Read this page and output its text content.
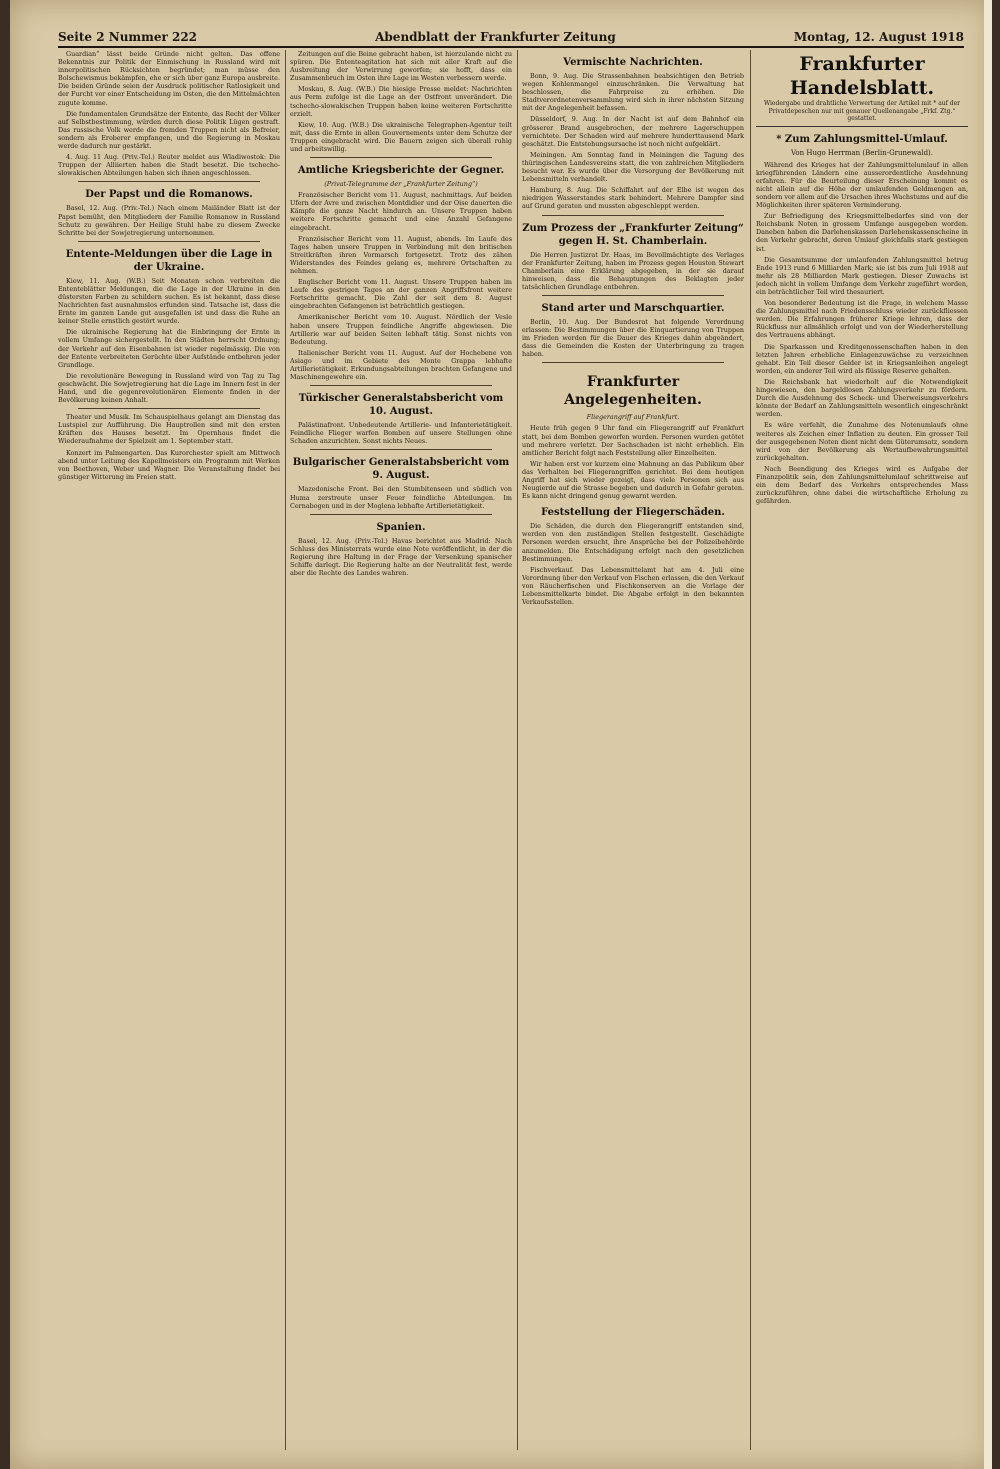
Seite 2 Nummer 222	Abendblatt der Frankfurter Zeitung	Montag, 12. August 1918

Guardian“ lässt beide Gründe nicht gelten. Das offene Bekenntnis zur Politik der Einmischung in Russland wird mit innerpolitischen Rücksichten begründet; man müsse den Bolschewismus bekämpfen, ehe er sich über ganz Europa ausbreite. Die beiden Gründe seien der Ausdruck politischer Ratlosigkeit und der Furcht vor einer Entscheidung im Osten, die den Mittelmächten zugute komme.

Die fundamentalen Grundsätze der Entente, das Recht der Völker auf Selbstbestimmung, würden durch diese Politik Lügen gestraft. Das russische Volk werde die fremden Truppen nicht als Befreier, sondern als Eroberer empfangen, und die Regierung in Moskau werde dadurch nur gestärkt.

4. Aug. 11 Aug. (Priv.-Tel.) Reuter meldet aus Wladiwostok: Die Truppen der Alliierten haben die Stadt besetzt. Die tschecho-slowakischen Abteilungen haben sich ihnen angeschlossen.

Der Papst und die Romanows.

Basel, 12. Aug. (Priv.-Tel.) Nach einem Mailänder Blatt ist der Papst bemüht, den Mitgliedern der Familie Romanow in Russland Schutz zu gewähren. Der Heilige Stuhl habe zu diesem Zwecke Schritte bei der Sowjetregierung unternommen.

Entente-Meldungen über die Lage in der Ukraine.

Kiew, 11. Aug. (W.B.) Seit Monaten schon verbreiten die Ententeblätter Meldungen, die die Lage in der Ukraine in den düstersten Farben zu schildern suchen. Es ist bekannt, dass diese Nachrichten fast ausnahmslos erfunden sind. Tatsache ist, dass die Ernte im ganzen Lande gut ausgefallen ist und dass die Ruhe an keiner Stelle ernstlich gestört wurde.

Die ukrainische Regierung hat die Einbringung der Ernte in vollem Umfange sichergestellt. In den Städten herrscht Ordnung; der Verkehr auf den Eisenbahnen ist wieder regelmässig. Die von der Entente verbreiteten Gerüchte über Aufstände entbehren jeder Grundlage.

Die revolutionäre Bewegung in Russland wird von Tag zu Tag geschwächt. Die Sowjetregierung hat die Lage im Innern fest in der Hand, und die gegenrevolutionären Elemente finden in der Bevölkerung keinen Anhalt.

Theater und Musik. Im Schauspielhaus gelangt am Dienstag das Lustspiel zur Aufführung. Die Hauptrollen sind mit den ersten Kräften des Hauses besetzt. Im Opernhaus findet die Wiederaufnahme der Spielzeit am 1. September statt.

Konzert im Palmengarten. Das Kurorchester spielt am Mittwoch abend unter Leitung des Kapellmeisters ein Programm mit Werken von Beethoven, Weber und Wagner. Die Veranstaltung findet bei günstiger Witterung im Freien statt.

Zeitungen auf die Beine gebracht haben, ist hierzulande nicht zu spüren. Die Ententeagitation hat sich mit aller Kraft auf die Ausbreitung der Verwirrung geworfen; sie hofft, dass ein Zusammenbruch im Osten ihre Lage im Westen verbessern werde.

Moskau, 8. Aug. (W.B.) Die hiesige Presse meldet: Nachrichten aus Perm zufolge ist die Lage an der Ostfront unverändert. Die tschecho-slowakischen Truppen haben keine weiteren Fortschritte erzielt.

Kiew, 10. Aug. (W.B.) Die ukrainische Telegraphen-Agentur teilt mit, dass die Ernte in allen Gouvernements unter dem Schutze der Truppen eingebracht wird. Die Bauern zeigen sich überall ruhig und arbeitswillig.

Amtliche Kriegsberichte der Gegner.
(Privat-Telegramme der „Frankfurter Zeitung“)

Französischer Bericht vom 11. August, nachmittags. Auf beiden Ufern der Avre und zwischen Montdidier und der Oise dauerten die Kämpfe die ganze Nacht hindurch an. Unsere Truppen haben weitere Fortschritte gemacht und eine Anzahl Gefangene eingebracht.

Französischer Bericht vom 11. August, abends. Im Laufe des Tages haben unsere Truppen in Verbindung mit den britischen Streitkräften ihren Vormarsch fortgesetzt. Trotz des zähen Widerstandes des Feindes gelang es, mehrere Ortschaften zu nehmen.

Englischer Bericht vom 11. August. Unsere Truppen haben im Laufe des gestrigen Tages an der ganzen Angriffsfront weitere Fortschritte gemacht. Die Zahl der seit dem 8. August eingebrachten Gefangenen ist beträchtlich gestiegen.

Amerikanischer Bericht vom 10. August. Nördlich der Vesle haben unsere Truppen feindliche Angriffe abgewiesen. Die Artillerie war auf beiden Seiten lebhaft tätig. Sonst nichts von Bedeutung.

Italienischer Bericht vom 11. August. Auf der Hochebene von Asiago und im Gebiete des Monte Grappa lebhafte Artillerietätigkeit. Erkundungsabteilungen brachten Gefangene und Maschinengewehre ein.

Türkischer Generalstabsbericht vom 10. August.

Palästinafront. Unbedeutende Artillerie- und Infanterietätigkeit. Feindliche Flieger warfen Bomben auf unsere Stellungen ohne Schaden anzurichten. Sonst nichts Neues.

Bulgarischer Generalstabsbericht vom 9. August.

Mazedonische Front. Bei den Stumbitenseen und südlich von Huma zerstreute unser Feuer feindliche Abteilungen. Im Cernabogen und in der Moglena lebhafte Artillerietätigkeit.

Spanien.

Basel, 12. Aug. (Priv.-Tel.) Havas berichtet aus Madrid: Nach Schluss des Ministerrats wurde eine Note veröffentlicht, in der die Regierung ihre Haltung in der Frage der Versenkung spanischer Schiffe darlegt. Die Regierung halte an der Neutralität fest, werde aber die Rechte des Landes wahren.

Vermischte Nachrichten.

Bonn, 9. Aug. Die Strassenbahnen beabsichtigen den Betrieb wegen Kohlenmangel einzuschränken. Die Verwaltung hat beschlossen, die Fahrpreise zu erhöhen. Die Stadtverordnetenversammlung wird sich in ihrer nächsten Sitzung mit der Angelegenheit befassen.

Düsseldorf, 9. Aug. In der Nacht ist auf dem Bahnhof ein grösserer Brand ausgebrochen, der mehrere Lagerschuppen vernichtete. Der Schaden wird auf mehrere hunderttausend Mark geschätzt. Die Entstehungsursache ist noch nicht aufgeklärt.

Meiningen. Am Sonntag fand in Meiningen die Tagung des thüringischen Landesvereins statt, die von zahlreichen Mitgliedern besucht war. Es wurde über die Versorgung der Bevölkerung mit Lebensmitteln verhandelt.

Hamburg, 8. Aug. Die Schiffahrt auf der Elbe ist wegen des niedrigen Wasserstandes stark behindert. Mehrere Dampfer sind auf Grund geraten und mussten abgeschleppt werden.

Zum Prozess der „Frankfurter Zeitung“ gegen H. St. Chamberlain.

Die Herren Justizrat Dr. Haas, im Bevollmächtigte des Verlages der Frankfurter Zeitung, haben im Prozess gegen Houston Stewart Chamberlain eine Erklärung abgegeben, in der sie darauf hinweisen, dass die Behauptungen des Beklagten jeder tatsächlichen Grundlage entbehren.

Stand arter und Marschquartier.

Berlin, 10. Aug. Der Bundesrat hat folgende Verordnung erlassen: Die Bestimmungen über die Einquartierung von Truppen im Frieden werden für die Dauer des Krieges dahin abgeändert, dass die Gemeinden die Kosten der Unterbringung zu tragen haben.

Frankfurter Angelegenheiten.
Fliegerangriff auf Frankfurt.

Heute früh gegen 9 Uhr fand ein Fliegerangriff auf Frankfurt statt, bei dem Bomben geworfen wurden. Personen wurden getötet und mehrere verletzt. Der Sachschaden ist nicht erheblich. Ein amtlicher Bericht folgt nach Feststellung aller Einzelheiten.

Wir haben erst vor kurzem eine Mahnung an das Publikum über das Verhalten bei Fliegerangriffen gerichtet. Bei dem heutigen Angriff hat sich wieder gezeigt, dass viele Personen sich aus Neugierde auf die Strasse begeben und dadurch in Gefahr geraten. Es kann nicht dringend genug gewarnt werden.

Feststellung der Fliegerschäden.

Die Schäden, die durch den Fliegerangriff entstanden sind, werden von den zuständigen Stellen festgestellt. Geschädigte Personen werden ersucht, ihre Ansprüche bei der Polizeibehörde anzumelden. Die Entschädigung erfolgt nach den gesetzlichen Bestimmungen.

Fischverkauf. Das Lebensmittelamt hat am 4. Juli eine Verordnung über den Verkauf von Fischen erlassen, die den Verkauf von Räucherfischen und Fischkonserven an die Vorlage der Lebensmittelkarte bindet. Die Abgabe erfolgt in den bekannten Verkaufsstellen.

Frankfurter Handelsblatt.
Wiedergabe und drahtliche Verwertung der Artikel mit * auf der Privatdepeschen nur mit genauer Quellenangabe „Frkf. Ztg.“ gestattet.
* Zum Zahlungsmittel-Umlauf.
Von Hugo Herrman (Berlin-Grunewald).

Während des Krieges hat der Zahlungsmittelumlauf in allen kriegführenden Ländern eine ausserordentliche Ausdehnung erfahren. Für die Beurteilung dieser Erscheinung kommt es nicht allein auf die Höhe der umlaufenden Geldmengen an, sondern vor allem auf die Ursachen ihres Wachstums und auf die Möglichkeiten ihrer späteren Verminderung.

Zur Befriedigung des Kriegsmittelbedarfes sind von der Reichsbank Noten in grossem Umfange ausgegeben worden. Daneben haben die Darlehenskassen Darlehenskassenscheine in den Verkehr gebracht, deren Umlauf gleichfalls stark gestiegen ist.

Die Gesamtsumme der umlaufenden Zahlungsmittel betrug Ende 1913 rund 6 Milliarden Mark; sie ist bis zum Juli 1918 auf mehr als 28 Milliarden Mark gestiegen. Dieser Zuwachs ist jedoch nicht in vollem Umfange dem Verkehr zugeführt worden, ein beträchtlicher Teil wird thesauriert.

Von besonderer Bedeutung ist die Frage, in welchem Masse die Zahlungsmittel nach Friedensschluss wieder zurückfliessen werden. Die Erfahrungen früherer Kriege lehren, dass der Rückfluss nur allmählich erfolgt und von der Wiederherstellung des Vertrauens abhängt.

Die Sparkassen und Kreditgenossenschaften haben in den letzten Jahren erhebliche Einlagenzuwächse zu verzeichnen gehabt. Ein Teil dieser Gelder ist in Kriegsanleihen angelegt worden, ein anderer Teil wird als flüssige Reserve gehalten.

Die Reichsbank hat wiederholt auf die Notwendigkeit hingewiesen, den bargeldlosen Zahlungsverkehr zu fördern. Durch die Ausdehnung des Scheck- und Überweisungsverkehrs könnte der Bedarf an Zahlungsmitteln wesentlich eingeschränkt werden.

Es wäre verfehlt, die Zunahme des Notenumlaufs ohne weiteres als Zeichen einer Inflation zu deuten. Ein grosser Teil der ausgegebenen Noten dient nicht dem Güterumsatz, sondern wird von der Bevölkerung als Wertaufbewahrungsmittel zurückgehalten.

Nach Beendigung des Krieges wird es Aufgabe der Finanzpolitik sein, den Zahlungsmittelumlauf schrittweise auf ein dem Bedarf des Verkehrs entsprechendes Mass zurückzuführen, ohne dabei die wirtschaftliche Erholung zu gefährden.
